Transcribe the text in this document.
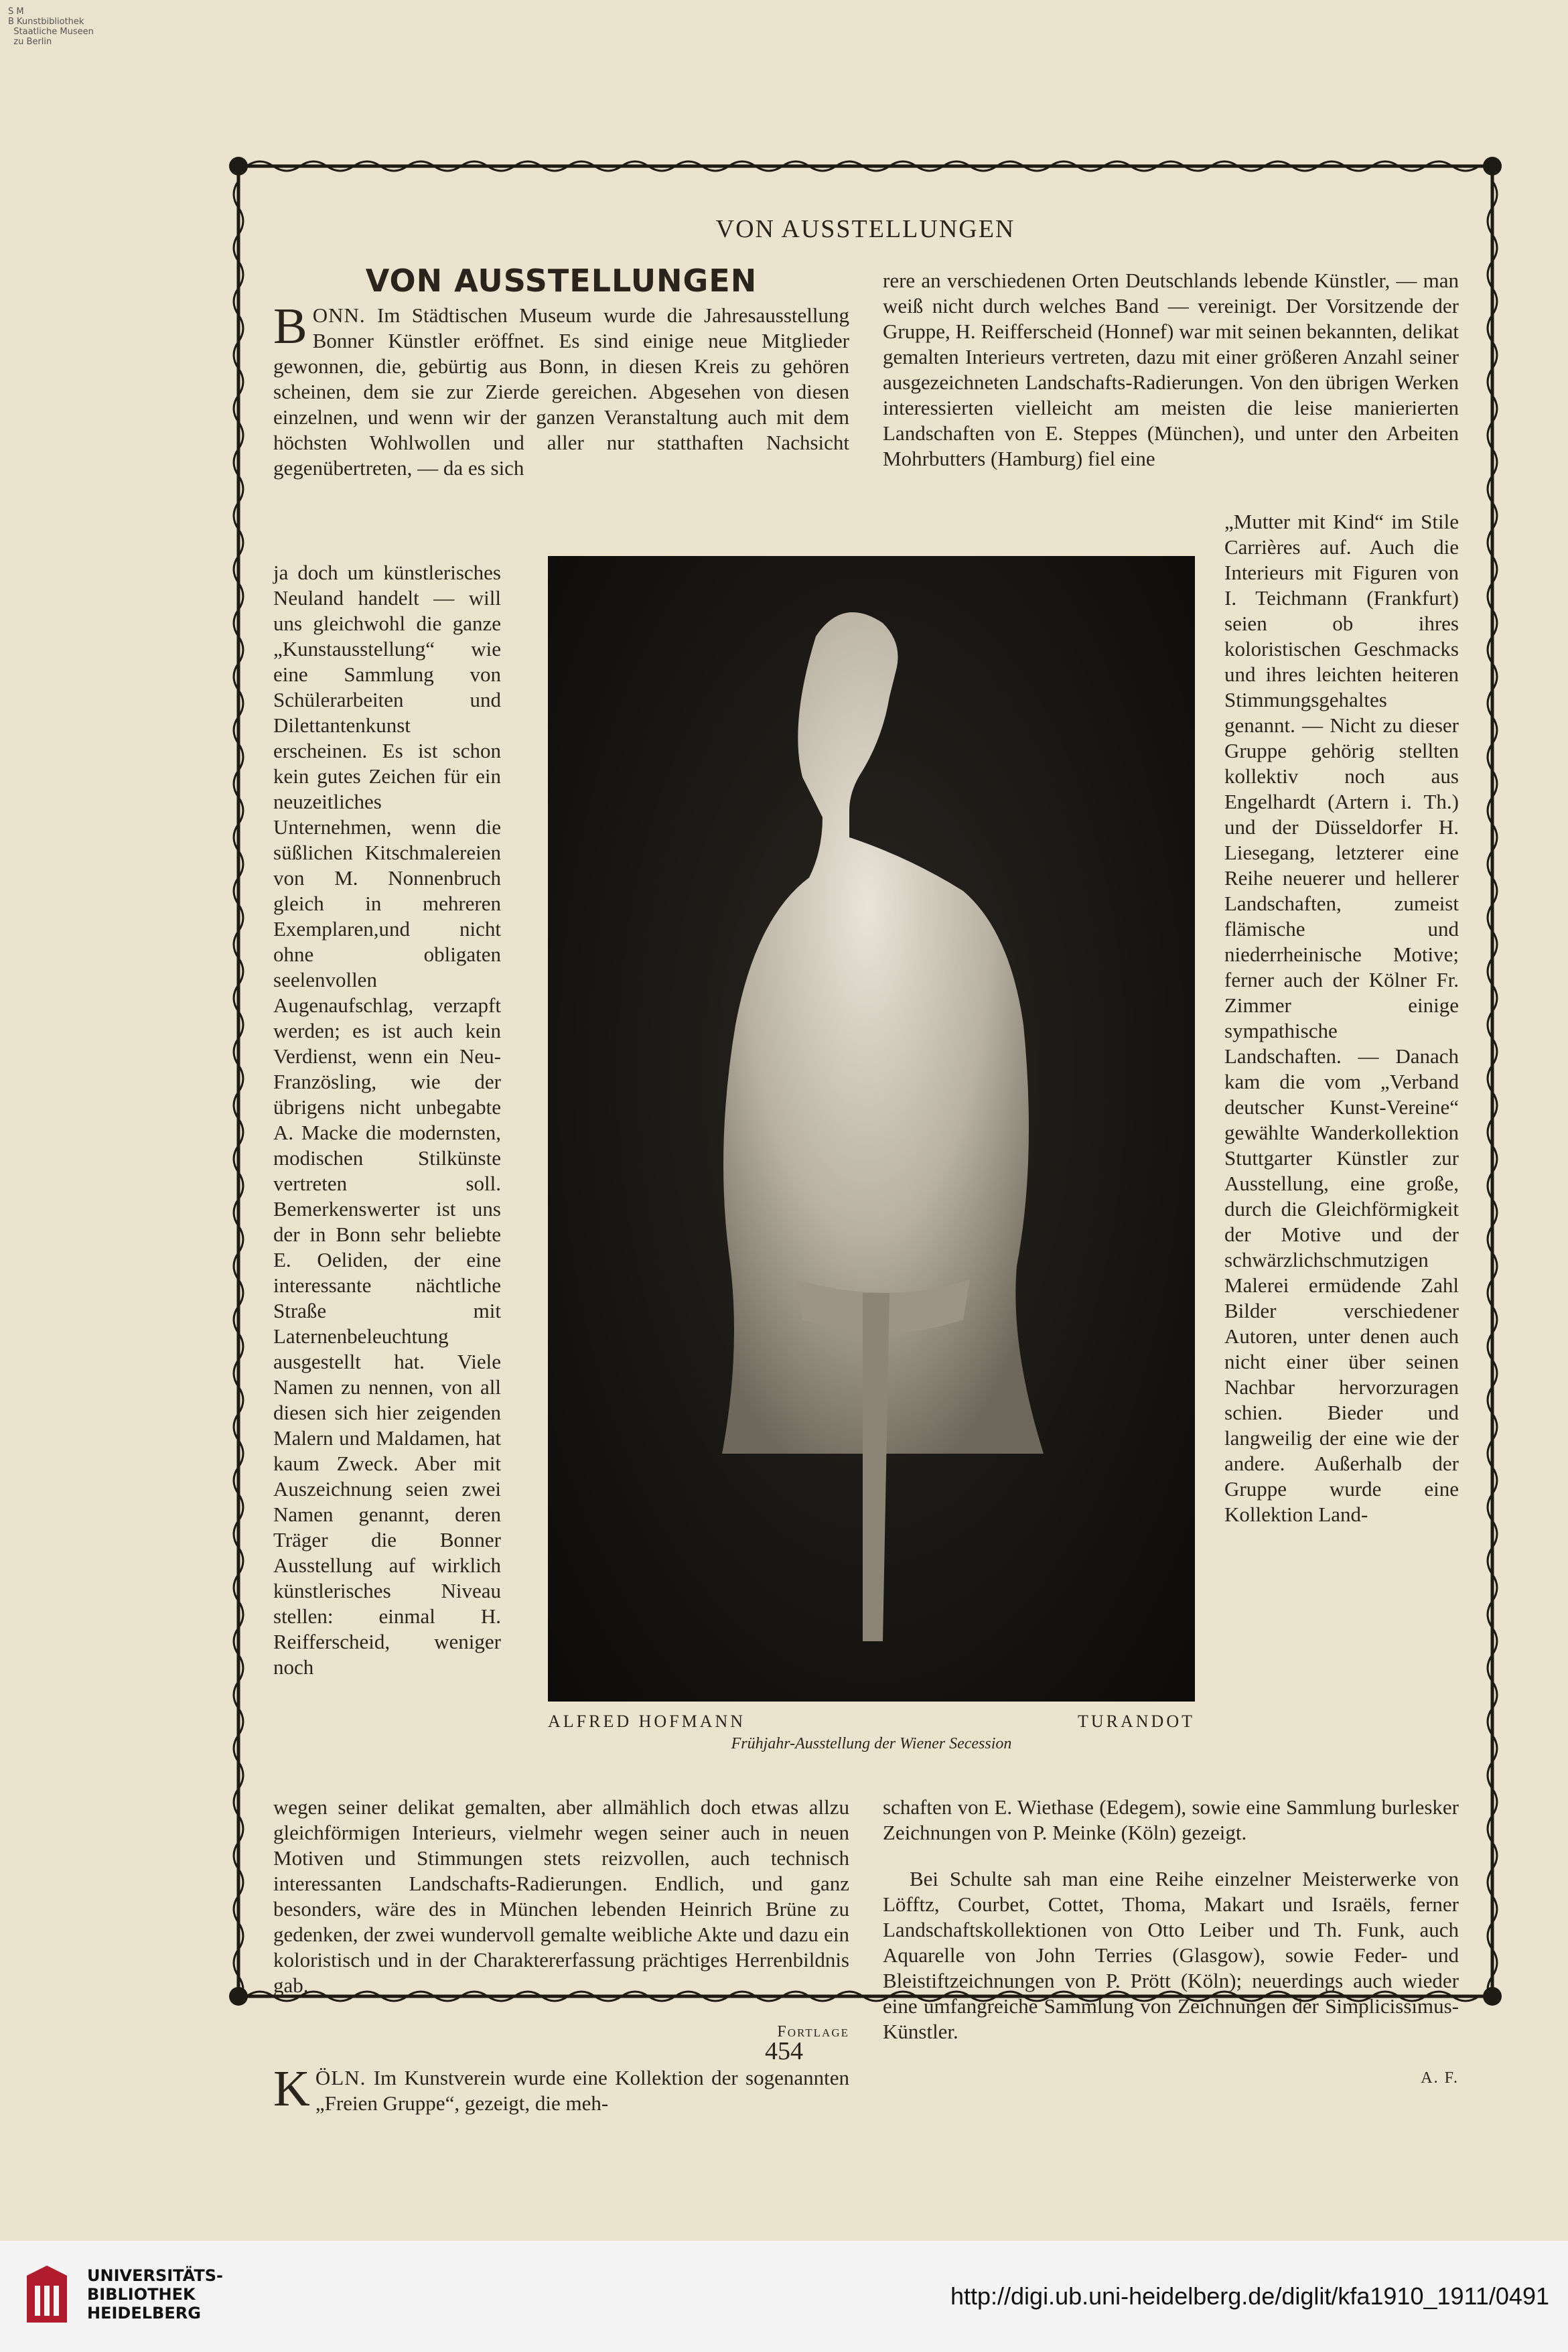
S M
B Kunstbibliothek
Staatliche Museen
zu Berlin
VON AUSSTELLUNGEN
VON AUSSTELLUNGEN

BONN. Im Städtischen Museum wurde die Jahresausstellung Bonner Künstler eröffnet. Es sind einige neue Mitglieder gewonnen, die, gebürtig aus Bonn, in diesen Kreis zu gehören scheinen, dem sie zur Zierde gereichen. Abgesehen von diesen einzelnen, und wenn wir der ganzen Veranstaltung auch mit dem höchsten Wohlwollen und aller nur statthaften Nachsicht gegenübertreten, — da es sich

ja doch um künstlerisches Neuland handelt — will uns gleichwohl die ganze „Kunstausstellung“ wie eine Sammlung von Schülerarbeiten und Dilettantenkunst erscheinen. Es ist schon kein gutes Zeichen für ein neuzeitliches Unternehmen, wenn die süßlichen Kitschmalereien von M. Nonnenbruch gleich in mehreren Exemplaren,und nicht ohne obligaten seelenvollen Augenaufschlag, verzapft werden; es ist auch kein Verdienst, wenn ein Neu-Französling, wie der übrigens nicht unbegabte A. Macke die modernsten, modischen Stilkünste vertreten soll. Bemerkenswerter ist uns der in Bonn sehr beliebte E. Oeliden, der eine interessante nächtliche Straße mit Laternenbeleuchtung ausgestellt hat. Viele Namen zu nennen, von all diesen sich hier zeigenden Malern und Maldamen, hat kaum Zweck. Aber mit Auszeichnung seien zwei Namen genannt, deren Träger die Bonner Ausstellung auf wirklich künstlerisches Niveau stellen: einmal H. Reifferscheid, weniger noch

rere an verschiedenen Orten Deutschlands lebende Künstler, — man weiß nicht durch welches Band — vereinigt. Der Vorsitzende der Gruppe, H. Reifferscheid (Honnef) war mit seinen bekannten, delikat gemalten Interieurs vertreten, dazu mit einer größeren Anzahl seiner ausgezeichneten Landschafts-Radierungen. Von den übrigen Werken interessierten vielleicht am meisten die leise manierierten Landschaften von E. Steppes (München), und unter den Arbeiten Mohrbutters (Hamburg) fiel eine

„Mutter mit Kind“ im Stile Carrières auf. Auch die Interieurs mit Figuren von I. Teichmann (Frankfurt) seien ob ihres koloristischen Geschmacks und ihres leichten heiteren Stimmungsgehaltes genannt. — Nicht zu dieser Gruppe gehörig stellten kollektiv noch aus Engelhardt (Artern i. Th.) und der Düsseldorfer H. Liesegang, letzterer eine Reihe neuerer und hellerer Landschaften, zumeist flämische und niederrheinische Motive; ferner auch der Kölner Fr. Zimmer einige sympathische Landschaften. — Danach kam die vom „Verband deutscher Kunst-Vereine“ gewählte Wanderkollektion Stuttgarter Künstler zur Ausstellung, eine große, durch die Gleichförmigkeit der Motive und der schwärzlichschmutzigen Malerei ermüdende Zahl Bilder verschiedener Autoren, unter denen auch nicht einer über seinen Nachbar hervorzuragen schien. Bieder und langweilig der eine wie der andere. Außerhalb der Gruppe wurde eine Kollektion Land-
ALFRED HOFMANN	TURANDOT
Frühjahr-Ausstellung der Wiener Secession

wegen seiner delikat gemalten, aber allmählich doch etwas allzu gleichförmigen Interieurs, vielmehr wegen seiner auch in neuen Motiven und Stimmungen stets reizvollen, auch technisch interessanten Landschafts-Radierungen. Endlich, und ganz besonders, wäre des in München lebenden Heinrich Brüne zu gedenken, der zwei wundervoll gemalte weibliche Akte und dazu ein koloristisch und in der Charaktererfassung prächtiges Herrenbildnis gab.

Fortlage

KÖLN. Im Kunstverein wurde eine Kollektion der sogenannten „Freien Gruppe“, gezeigt, die meh-

schaften von E. Wiethase (Edegem), sowie eine Sammlung burlesker Zeichnungen von P. Meinke (Köln) gezeigt.

Bei Schulte sah man eine Reihe einzelner Meisterwerke von Löfftz, Courbet, Cottet, Thoma, Makart und Israëls, ferner Landschaftskollektionen von Otto Leiber und Th. Funk, auch Aquarelle von John Terries (Glasgow), sowie Feder- und Bleistiftzeichnungen von P. Prött (Köln); neuerdings auch wieder eine umfangreiche Sammlung von Zeichnungen der Simplicissimus-Künstler.

A. F.
454
UNIVERSITÄTS-
BIBLIOTHEK
HEIDELBERG
http://digi.ub.uni-heidelberg.de/diglit/kfa1910_1911/0491
